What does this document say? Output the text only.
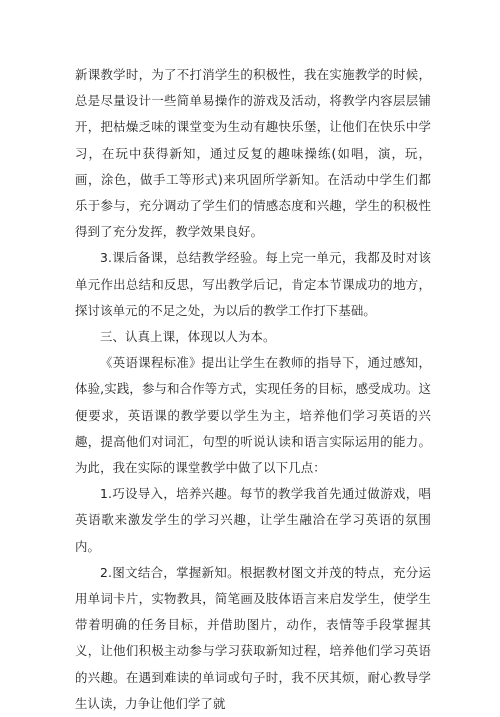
新课教学时，为了不打消学生的积极性，我在实施教学的时候，总是尽量设计一些简单易操作的游戏及活动，将教学内容层层铺开，把枯燥乏味的课堂变为生动有趣快乐堡，让他们在快乐中学习，在玩中获得新知，通过反复的趣味操练(如唱，演，玩，画，涂色，做手工等形式)来巩固所学新知。在活动中学生们都乐于参与，充分调动了学生们的情感态度和兴趣，学生的积极性得到了充分发挥，教学效果良好。

3.课后备课，总结教学经验。每上完一单元，我都及时对该单元作出总结和反思，写出教学后记，肯定本节课成功的地方，探讨该单元的不足之处，为以后的教学工作打下基础。

三、认真上课，体现以人为本。

《英语课程标准》提出让学生在教师的指导下，通过感知，体验,实践，参与和合作等方式，实现任务的目标，感受成功。这便要求，英语课的教学要以学生为主，培养他们学习英语的兴趣，提高他们对词汇，句型的听说认读和语言实际运用的能力。为此，我在实际的课堂教学中做了以下几点：

1.巧设导入，培养兴趣。每节的教学我首先通过做游戏，唱英语歌来激发学生的学习兴趣，让学生融洽在学习英语的氛围内。

2.图文结合，掌握新知。根据教材图文并茂的特点，充分运用单词卡片，实物教具，简笔画及肢体语言来启发学生，使学生带着明确的任务目标，并借助图片，动作，表情等手段掌握其义，让他们积极主动参与学习获取新知过程，培养他们学习英语的兴趣。在遇到难读的单词或句子时，我不厌其烦，耐心教导学生认读，力争让他们学了就
